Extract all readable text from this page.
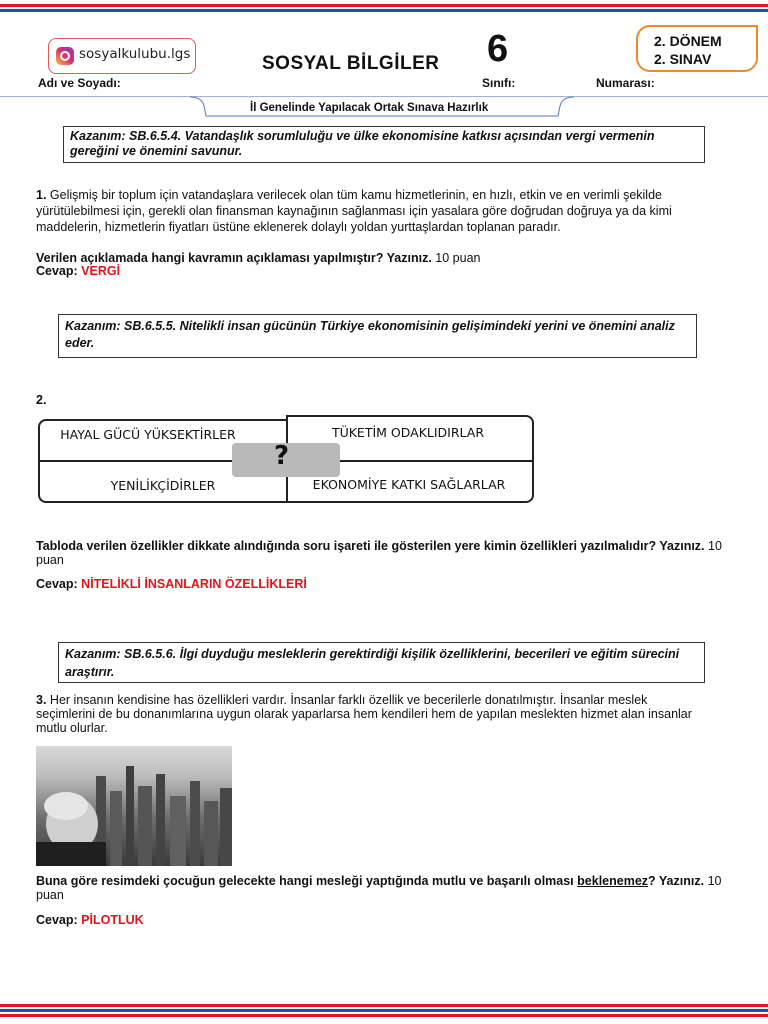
sosyalkulubu.lgs	SOSYAL BİLGİLER 6	2. DÖNEM
2. SINAV
Adı ve Soyadı:	Sınıfı:	Numarası:
İl Genelinde Yapılacak Ortak Sınava Hazırlık
Kazanım: SB.6.5.4. Vatandaşlık sorumluluğu ve ülke ekonomisine katkısı açısından vergi vermenin gereğini ve önemini savunur.
1. Gelişmiş bir toplum için vatandaşlara verilecek olan tüm kamu hizmetlerinin, en hızlı, etkin ve en verimli şekilde yürütülebilmesi için, gerekli olan finansman kaynağının sağlanması için yasalara göre doğrudan doğruya ya da kimi maddelerin, hizmetlerin fiyatları üstüne eklenerek dolaylı yoldan yurttaşlardan toplanan paradır.
Verilen açıklamada hangi kavramın açıklaması yapılmıştır? Yazınız. 10 puan
Cevap: VERGİ
Kazanım: SB.6.5.5. Nitelikli insan gücünün Türkiye ekonomisinin gelişimindeki yerini ve önemini analiz eder.
2.
?
HAYAL GÜCÜ YÜKSEKTİRLER	TÜKETİM ODAKLIDIRLAR
YENİLİKÇİDİRLER	EKONOMİYE KATKI SAĞLARLAR
Tabloda verilen özellikler dikkate alındığında soru işareti ile gösterilen yere kimin özellikleri yazılmalıdır? Yazınız. 10 puan
Cevap: NİTELİKLİ İNSANLARIN ÖZELLİKLERİ
Kazanım: SB.6.5.6. İlgi duyduğu mesleklerin gerektirdiği kişilik özelliklerini, becerileri ve eğitim sürecini araştırır.
3. Her insanın kendisine has özellikleri vardır. İnsanlar farklı özellik ve becerilerle donatılmıştır. İnsanlar meslek seçimlerini de bu donanımlarına uygun olarak yaparlarsa hem kendileri hem de yapılan meslekten hizmet alan insanlar mutlu olurlar.
Buna göre resimdeki çocuğun gelecekte hangi mesleği yaptığında mutlu ve başarılı olması beklenemez? Yazınız. 10 puan
Cevap: PİLOTLUK
